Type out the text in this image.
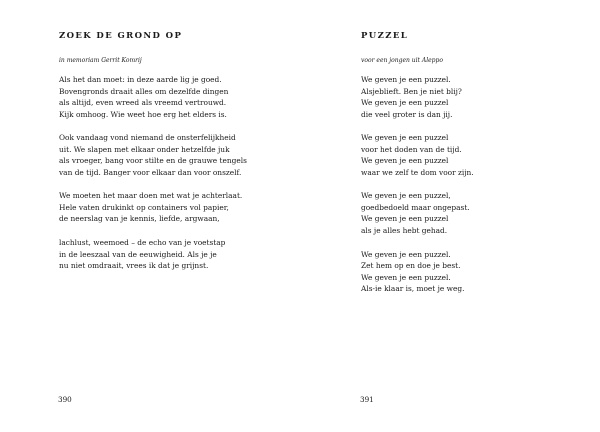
ZOEK DE GROND OP

in memoriam Gerrit Komrij

Als het dan moet: in deze aarde lig je goed.
Bovengronds draait alles om dezelfde dingen
als altijd, even wreed als vreemd vertrouwd.
Kijk omhoog. Wie weet hoe erg het elders is.
Ook vandaag vond niemand de onsterfelijkheid
uit. We slapen met elkaar onder hetzelfde juk
als vroeger, bang voor stilte en de grauwe tengels
van de tijd. Banger voor elkaar dan voor onszelf.
We moeten het maar doen met wat je achterlaat.
Hele vaten drukinkt op containers vol papier,
de neerslag van je kennis, liefde, argwaan,
lachlust, weemoed – de echo van je voetstap
in de leeszaal van de eeuwigheid. Als je je
nu niet omdraait, vrees ik dat je grijnst.

390

PUZZEL

voor een jongen uit Aleppo

We geven je een puzzel.
Alsjeblieft. Ben je niet blij?
We geven je een puzzel
die veel groter is dan jij.
We geven je een puzzel
voor het doden van de tijd.
We geven je een puzzel
waar we zelf te dom voor zijn.
We geven je een puzzel,
goedbedoeld maar ongepast.
We geven je een puzzel
als je alles hebt gehad.
We geven je een puzzel.
Zet hem op en doe je best.
We geven je een puzzel.
Als-ie klaar is, moet je weg.

391
